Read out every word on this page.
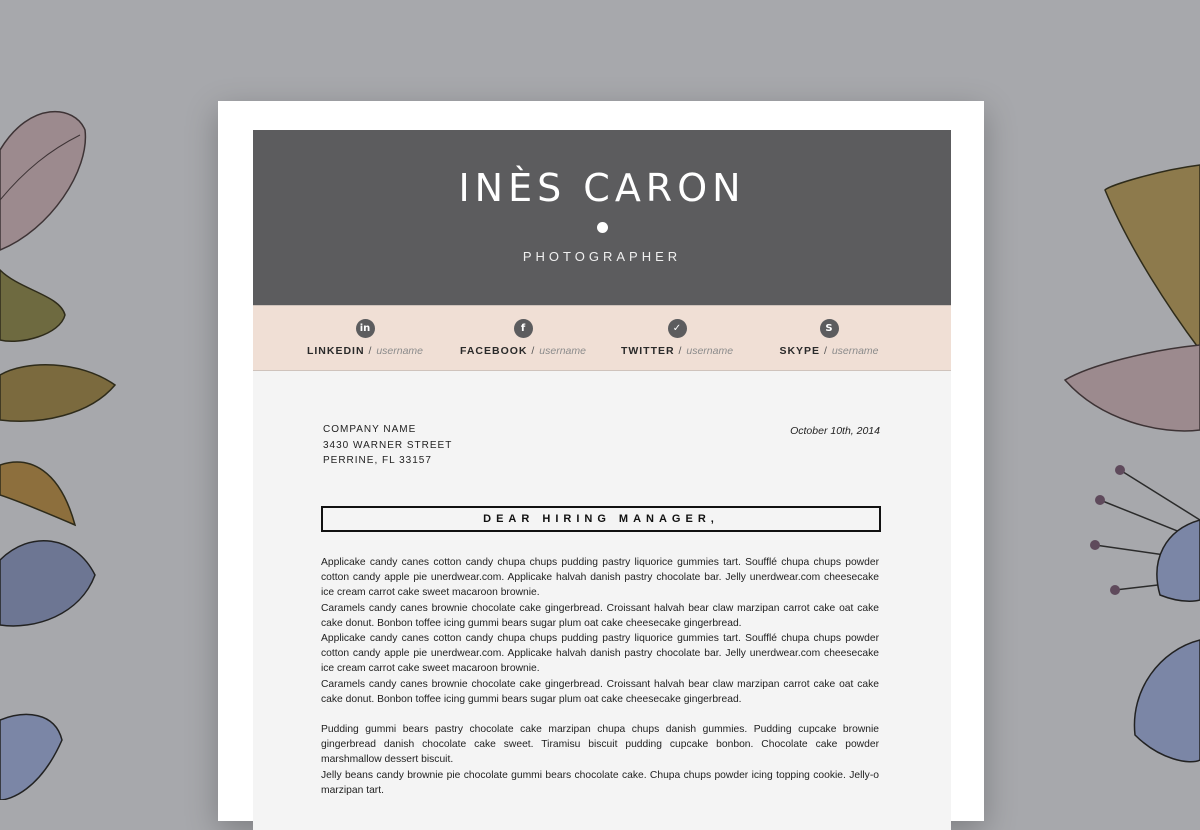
INÈS CARON
PHOTOGRAPHER
in
LINKEDIN / username
f
FACEBOOK / username
✓
TWITTER / username
S
SKYPE / username
COMPANY NAME
3430 WARNER STREET
PERRINE, FL 33157
October 10th, 2014
DEAR HIRING MANAGER,

Applicake candy canes cotton candy chupa chups pudding pastry liquorice gummies tart. Soufflé chupa chups powder cotton candy apple pie unerdwear.com. Applicake halvah danish pastry chocolate bar. Jelly unerdwear.com cheesecake ice cream carrot cake sweet macaroon brownie.

Caramels candy canes brownie chocolate cake gingerbread. Croissant halvah bear claw marzipan carrot cake oat cake cake donut. Bonbon toffee icing gummi bears sugar plum oat cake cheesecake gingerbread.

Applicake candy canes cotton candy chupa chups pudding pastry liquorice gummies tart. Soufflé chupa chups powder cotton candy apple pie unerdwear.com. Applicake halvah danish pastry chocolate bar. Jelly unerdwear.com cheesecake ice cream carrot cake sweet macaroon brownie.

Caramels candy canes brownie chocolate cake gingerbread. Croissant halvah bear claw marzipan carrot cake oat cake cake donut. Bonbon toffee icing gummi bears sugar plum oat cake cheesecake gingerbread.

Pudding gummi bears pastry chocolate cake marzipan chupa chups danish gummies. Pudding cupcake brownie gingerbread danish chocolate cake sweet. Tiramisu biscuit pudding cupcake bonbon. Chocolate cake powder marshmallow dessert biscuit.

Jelly beans candy brownie pie chocolate gummi bears chocolate cake. Chupa chups powder icing topping cookie. Jelly-o marzipan tart.
